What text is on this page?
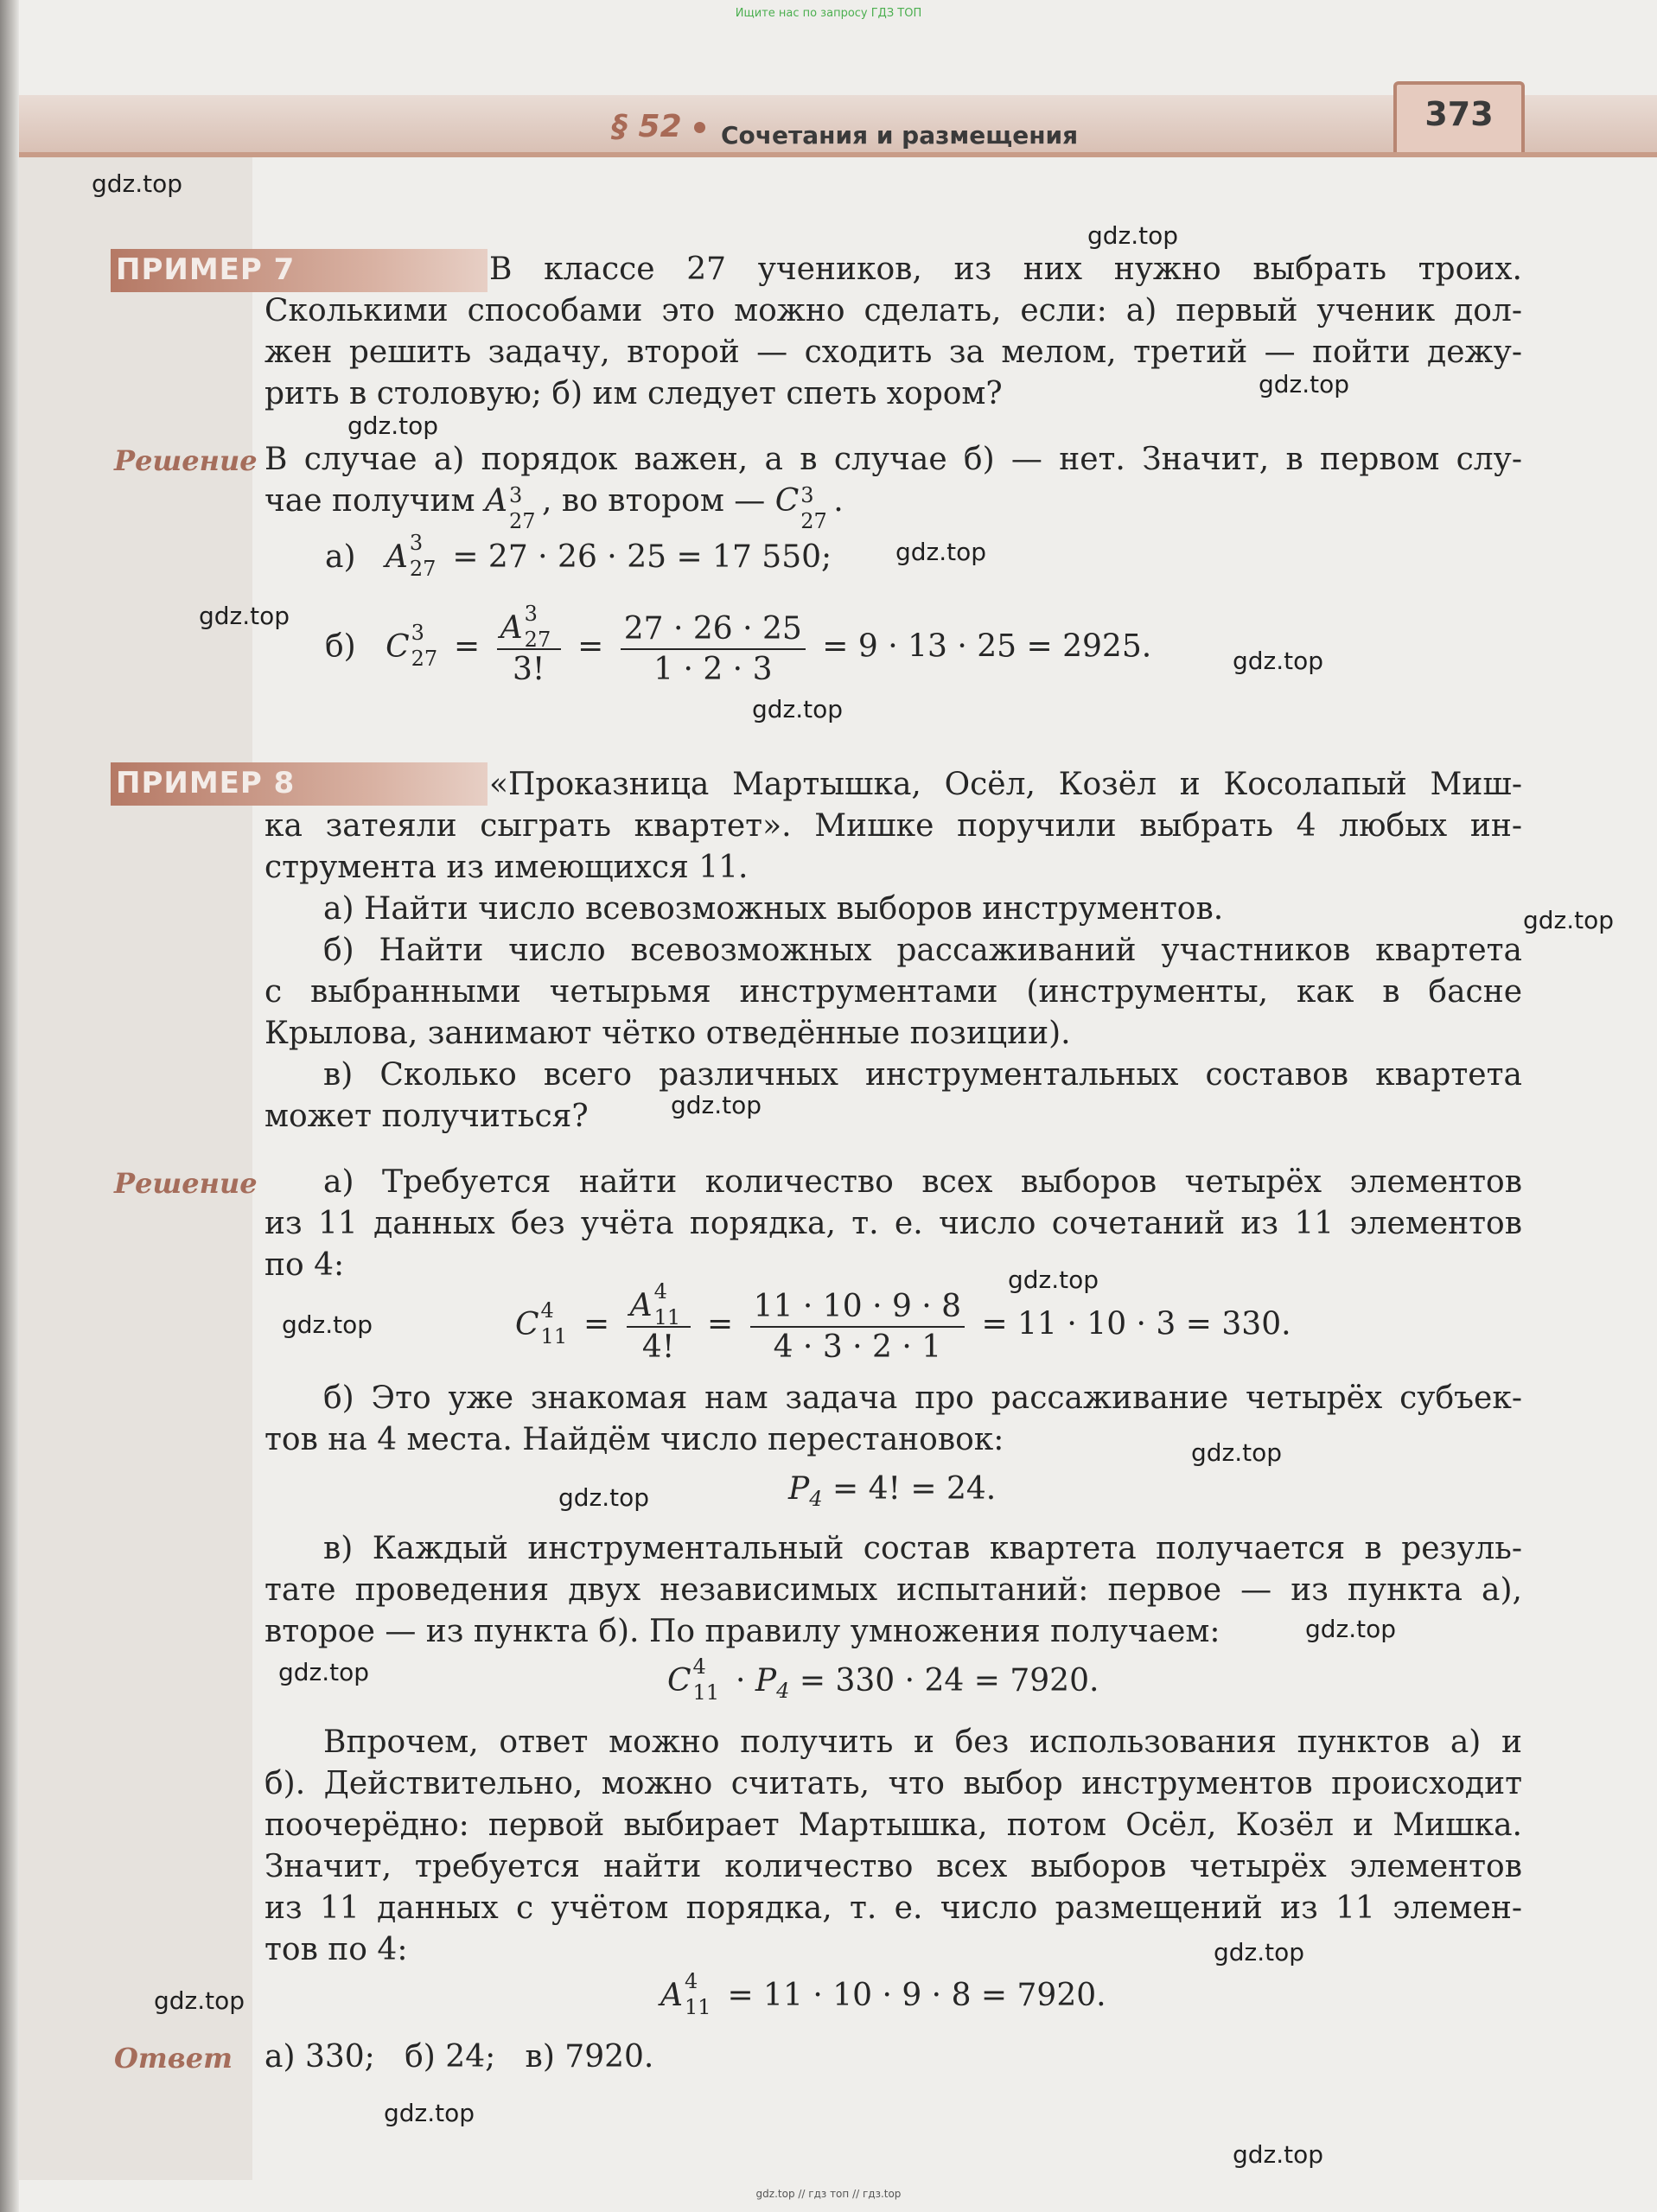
Ищите нас по запросу ГДЗ ТОП
§ 52 Сочетания и размещения
373
gdz.top
gdz.top
gdz.top
gdz.top
gdz.top
gdz.top
gdz.top
gdz.top
gdz.top
gdz.top
gdz.top
gdz.top
gdz.top
gdz.top
gdz.top
gdz.top
gdz.top
gdz.top
gdz.top
gdz.top
ПРИМЕР 7	В классе 27 учеников, из них нужно выбрать троих.
Сколькими способами это можно сделать, если: а) первый ученик дол-
жен решить задачу, второй — сходить за мелом, третий — пойти дежу-
рить в столовую; б) им следует спеть хором?
Решение В случае а) порядок важен, а в случае б) — нет. Значит, в первом слу-
чае получим A 3
27
, во втором — C 3
27
.
а) A 3
27 = 27 · 26 · 25 = 17 550;
б) C 3
27 = A 3
27
3! = $\frac{27 \cdot 26 \cdot 25}{1 \cdot 2 \cdot 3} = 9 \cdot 13 \cdot 25 = 2925$.
ПРИМЕР 8	«Проказница Мартышка, Осёл, Козёл и Косолапый Миш-
ка затеяли сыграть квартет». Мишке поручили выбрать 4 любых ин-
струмента из имеющихся 11.
а) Найти число всевозможных выборов инструментов.
б) Найти число всевозможных рассаживаний участников квартета
с выбранными четырьмя инструментами (инструменты, как в басне
Крылова, занимают чётко отведённые позиции).
в) Сколько всего различных инструментальных составов квартета
может получиться?
Решение а) Требуется найти количество всех выборов четырёх элементов
из 11 данных без учёта порядка, т. е. число сочетаний из 11 элементов
по 4:
C 4
11 = A 4
11
4! = $\frac{11 \cdot 10 \cdot 9 \cdot 8}{4 \cdot 3 \cdot 2 \cdot 1} = 11 \cdot 10 \cdot 3 = 330$.
б) Это уже знакомая нам задача про рассаживание четырёх субъек-
тов на 4 места. Найдём число перестановок:
$P_4 = 4$! = 24.
в) Каждый инструментальный состав квартета получается в резуль-
тате проведения двух независимых испытаний: первое — из пункта а),
второе — из пункта б). По правилу умножения получаем:
C 4
$11 \cdot P_4 = 330 \cdot 24 = 7920$.
Впрочем, ответ можно получить и без использования пунктов а) и
б). Действительно, можно считать, что выбор инструментов происходит
поочерёдно: первой выбирает Мартышка, потом Осёл, Козёл и Мишка.
Значит, требуется найти количество всех выборов четырёх элементов
из 11 данных с учётом порядка, т. е. число размещений из 11 элемен-
тов по 4:
A 4
11 = 11 · 10 · 9 · 8 = 7920.
Ответ а) 330;   б) 24;   в) 7920.
gdz.top // гдз топ // гдз.top
